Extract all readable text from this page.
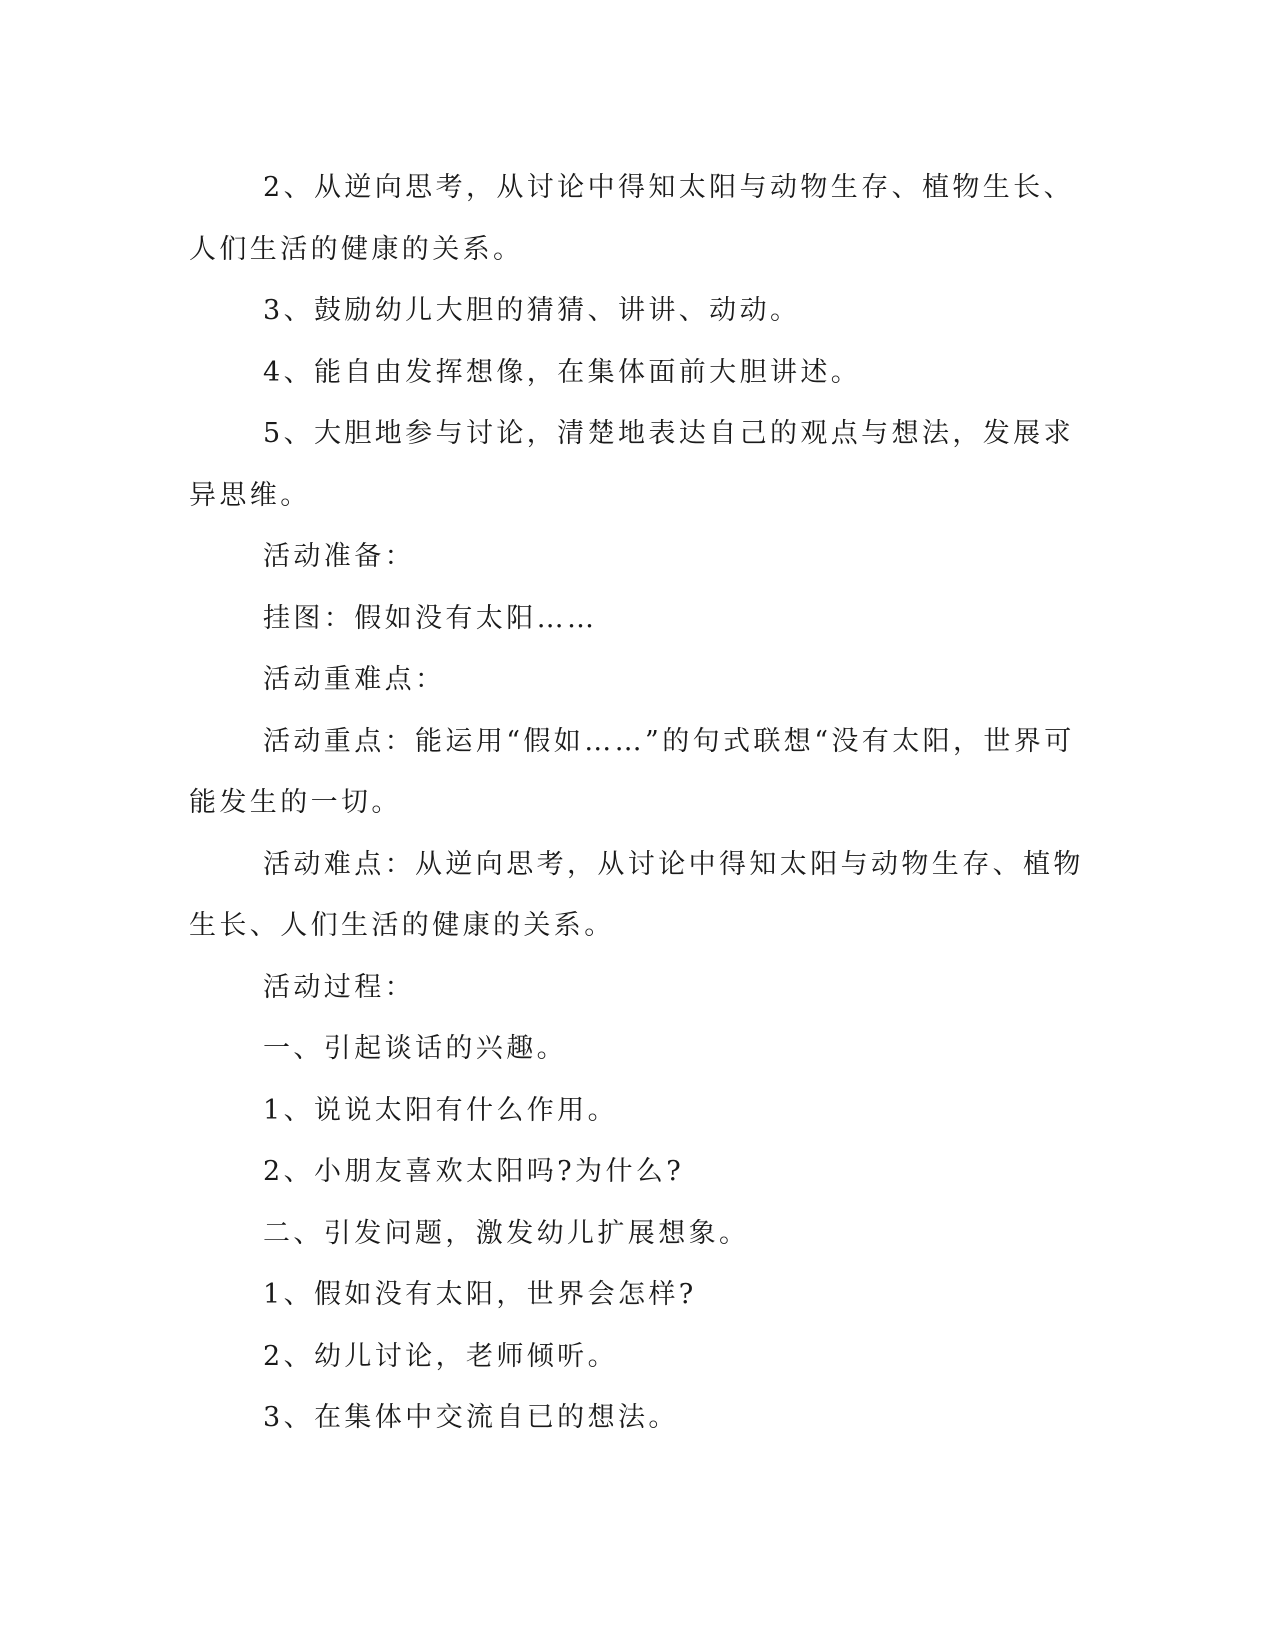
2、从逆向思考，从讨论中得知太阳与动物生存、植物生长、人们生活的健康的关系。

3、鼓励幼儿大胆的猜猜、讲讲、动动。

4、能自由发挥想像，在集体面前大胆讲述。

5、大胆地参与讨论，清楚地表达自己的观点与想法，发展求异思维。

活动准备：

挂图：假如没有太阳……

活动重难点：

活动重点：能运用“假如……”的句式联想“没有太阳，世界可能发生的一切。

活动难点：从逆向思考，从讨论中得知太阳与动物生存、植物生长、人们生活的健康的关系。

活动过程：

一、引起谈话的兴趣。

1、说说太阳有什么作用。

2、小朋友喜欢太阳吗?为什么?

二、引发问题，激发幼儿扩展想象。

1、假如没有太阳，世界会怎样?

2、幼儿讨论，老师倾听。

3、在集体中交流自已的想法。
